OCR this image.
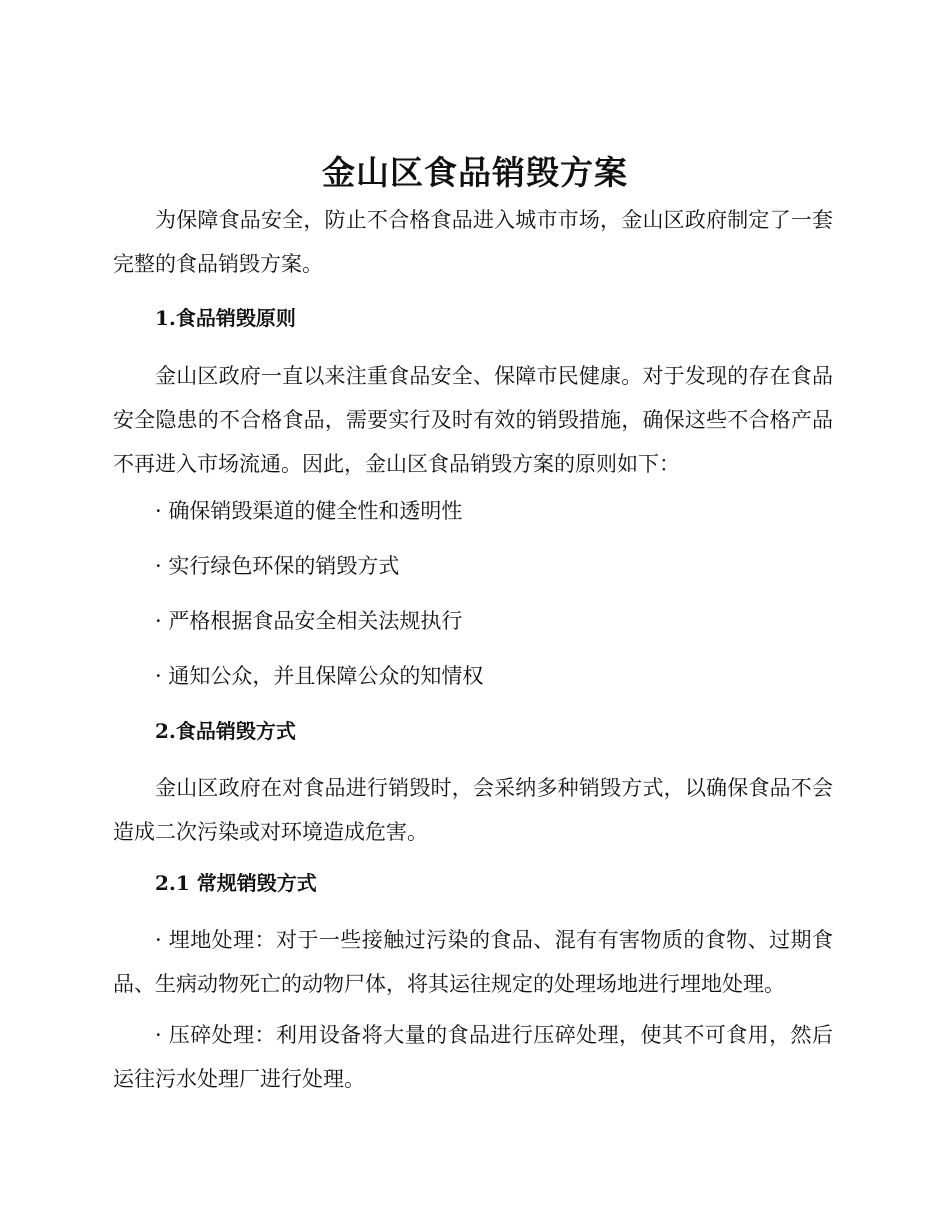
金山区食品销毁方案

为保障食品安全，防止不合格食品进入城市市场，金山区政府制定了一套完整的食品销毁方案。

1.食品销毁原则

金山区政府一直以来注重食品安全、保障市民健康。对于发现的存在食品安全隐患的不合格食品，需要实行及时有效的销毁措施，确保这些不合格产品不再进入市场流通。因此，金山区食品销毁方案的原则如下：

· 确保销毁渠道的健全性和透明性

· 实行绿色环保的销毁方式

· 严格根据食品安全相关法规执行

· 通知公众，并且保障公众的知情权

2.食品销毁方式

金山区政府在对食品进行销毁时，会采纳多种销毁方式，以确保食品不会造成二次污染或对环境造成危害。

2.1 常规销毁方式

· 埋地处理：对于一些接触过污染的食品、混有有害物质的食物、过期食品、生病动物死亡的动物尸体，将其运往规定的处理场地进行埋地处理。

· 压碎处理：利用设备将大量的食品进行压碎处理，使其不可食用，然后运往污水处理厂进行处理。
